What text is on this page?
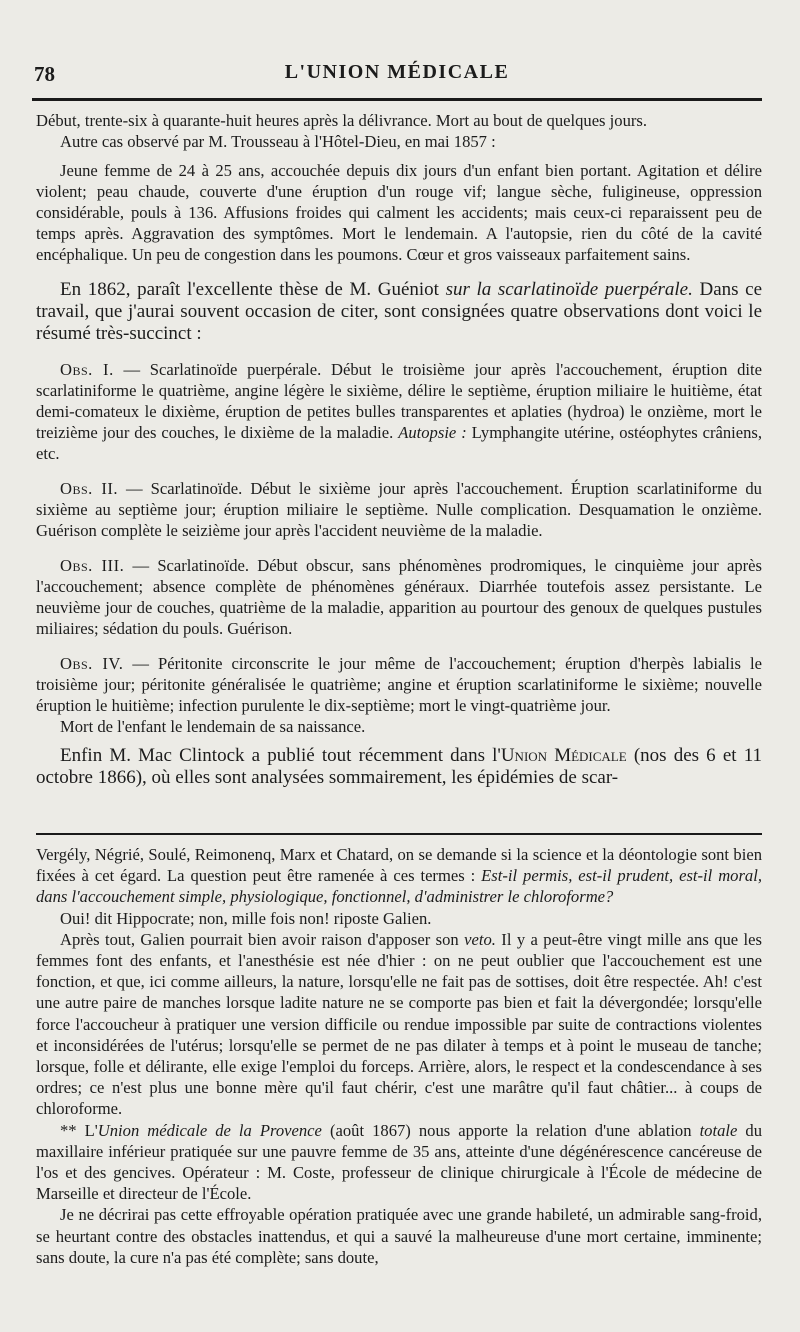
78	L'UNION MÉDICALE

Début, trente-six à quarante-huit heures après la délivrance. Mort au bout de quelques jours.

Autre cas observé par M. Trousseau à l'Hôtel-Dieu, en mai 1857 :

Jeune femme de 24 à 25 ans, accouchée depuis dix jours d'un enfant bien portant. Agitation et délire violent; peau chaude, couverte d'une éruption d'un rouge vif; langue sèche, fuligineuse, oppression considérable, pouls à 136. Affusions froides qui calment les accidents; mais ceux-ci reparaissent peu de temps après. Aggravation des symptômes. Mort le lendemain. A l'autopsie, rien du côté de la cavité encéphalique. Un peu de congestion dans les poumons. Cœur et gros vaisseaux parfaitement sains.

En 1862, paraît l'excellente thèse de M. Guéniot sur la scarlatinoïde puerpérale. Dans ce travail, que j'aurai souvent occasion de citer, sont consignées quatre observations dont voici le résumé très-succinct :

Obs. I. — Scarlatinoïde puerpérale. Début le troisième jour après l'accouchement, éruption dite scarlatiniforme le quatrième, angine légère le sixième, délire le septième, éruption miliaire le huitième, état demi-comateux le dixième, éruption de petites bulles transparentes et aplaties (hydroa) le onzième, mort le treizième jour des couches, le dixième de la maladie. Autopsie : Lymphangite utérine, ostéophytes crâniens, etc.

Obs. II. — Scarlatinoïde. Début le sixième jour après l'accouchement. Éruption scarlatiniforme du sixième au septième jour; éruption miliaire le septième. Nulle complication. Desquamation le onzième. Guérison complète le seizième jour après l'accident neuvième de la maladie.

Obs. III. — Scarlatinoïde. Début obscur, sans phénomènes prodromiques, le cinquième jour après l'accouchement; absence complète de phénomènes généraux. Diarrhée toutefois assez persistante. Le neuvième jour de couches, quatrième de la maladie, apparition au pourtour des genoux de quelques pustules miliaires; sédation du pouls. Guérison.

Obs. IV. — Péritonite circonscrite le jour même de l'accouchement; éruption d'herpès labialis le troisième jour; péritonite généralisée le quatrième; angine et éruption scarlatiniforme le sixième; nouvelle éruption le huitième; infection purulente le dix-septième; mort le vingt-quatrième jour.

Mort de l'enfant le lendemain de sa naissance.

Enfin M. Mac Clintock a publié tout récemment dans l'Union Médicale (nos des 6 et 11 octobre 1866), où elles sont analysées sommairement, les épidémies de scar-

Vergély, Négrié, Soulé, Reimonenq, Marx et Chatard, on se demande si la science et la déontologie sont bien fixées à cet égard. La question peut être ramenée à ces termes : Est-il permis, est-il prudent, est-il moral, dans l'accouchement simple, physiologique, fonctionnel, d'administrer le chloroforme?

Oui! dit Hippocrate; non, mille fois non! riposte Galien.

Après tout, Galien pourrait bien avoir raison d'apposer son veto. Il y a peut-être vingt mille ans que les femmes font des enfants, et l'anesthésie est née d'hier : on ne peut oublier que l'accouchement est une fonction, et que, ici comme ailleurs, la nature, lorsqu'elle ne fait pas de sottises, doit être respectée. Ah! c'est une autre paire de manches lorsque ladite nature ne se comporte pas bien et fait la dévergondée; lorsqu'elle force l'accoucheur à pratiquer une version difficile ou rendue impossible par suite de contractions violentes et inconsidérées de l'utérus; lorsqu'elle se permet de ne pas dilater à temps et à point le museau de tanche; lorsque, folle et délirante, elle exige l'emploi du forceps. Arrière, alors, le respect et la condescendance à ses ordres; ce n'est plus une bonne mère qu'il faut chérir, c'est une marâtre qu'il faut châtier... à coups de chloroforme.

** L'Union médicale de la Provence (août 1867) nous apporte la relation d'une ablation totale du maxillaire inférieur pratiquée sur une pauvre femme de 35 ans, atteinte d'une dégénérescence cancéreuse de l'os et des gencives. Opérateur : M. Coste, professeur de clinique chirurgicale à l'École de médecine de Marseille et directeur de l'École.

Je ne décrirai pas cette effroyable opération pratiquée avec une grande habileté, un admirable sang-froid, se heurtant contre des obstacles inattendus, et qui a sauvé la malheureuse d'une mort certaine, imminente; sans doute, la cure n'a pas été complète; sans doute,
